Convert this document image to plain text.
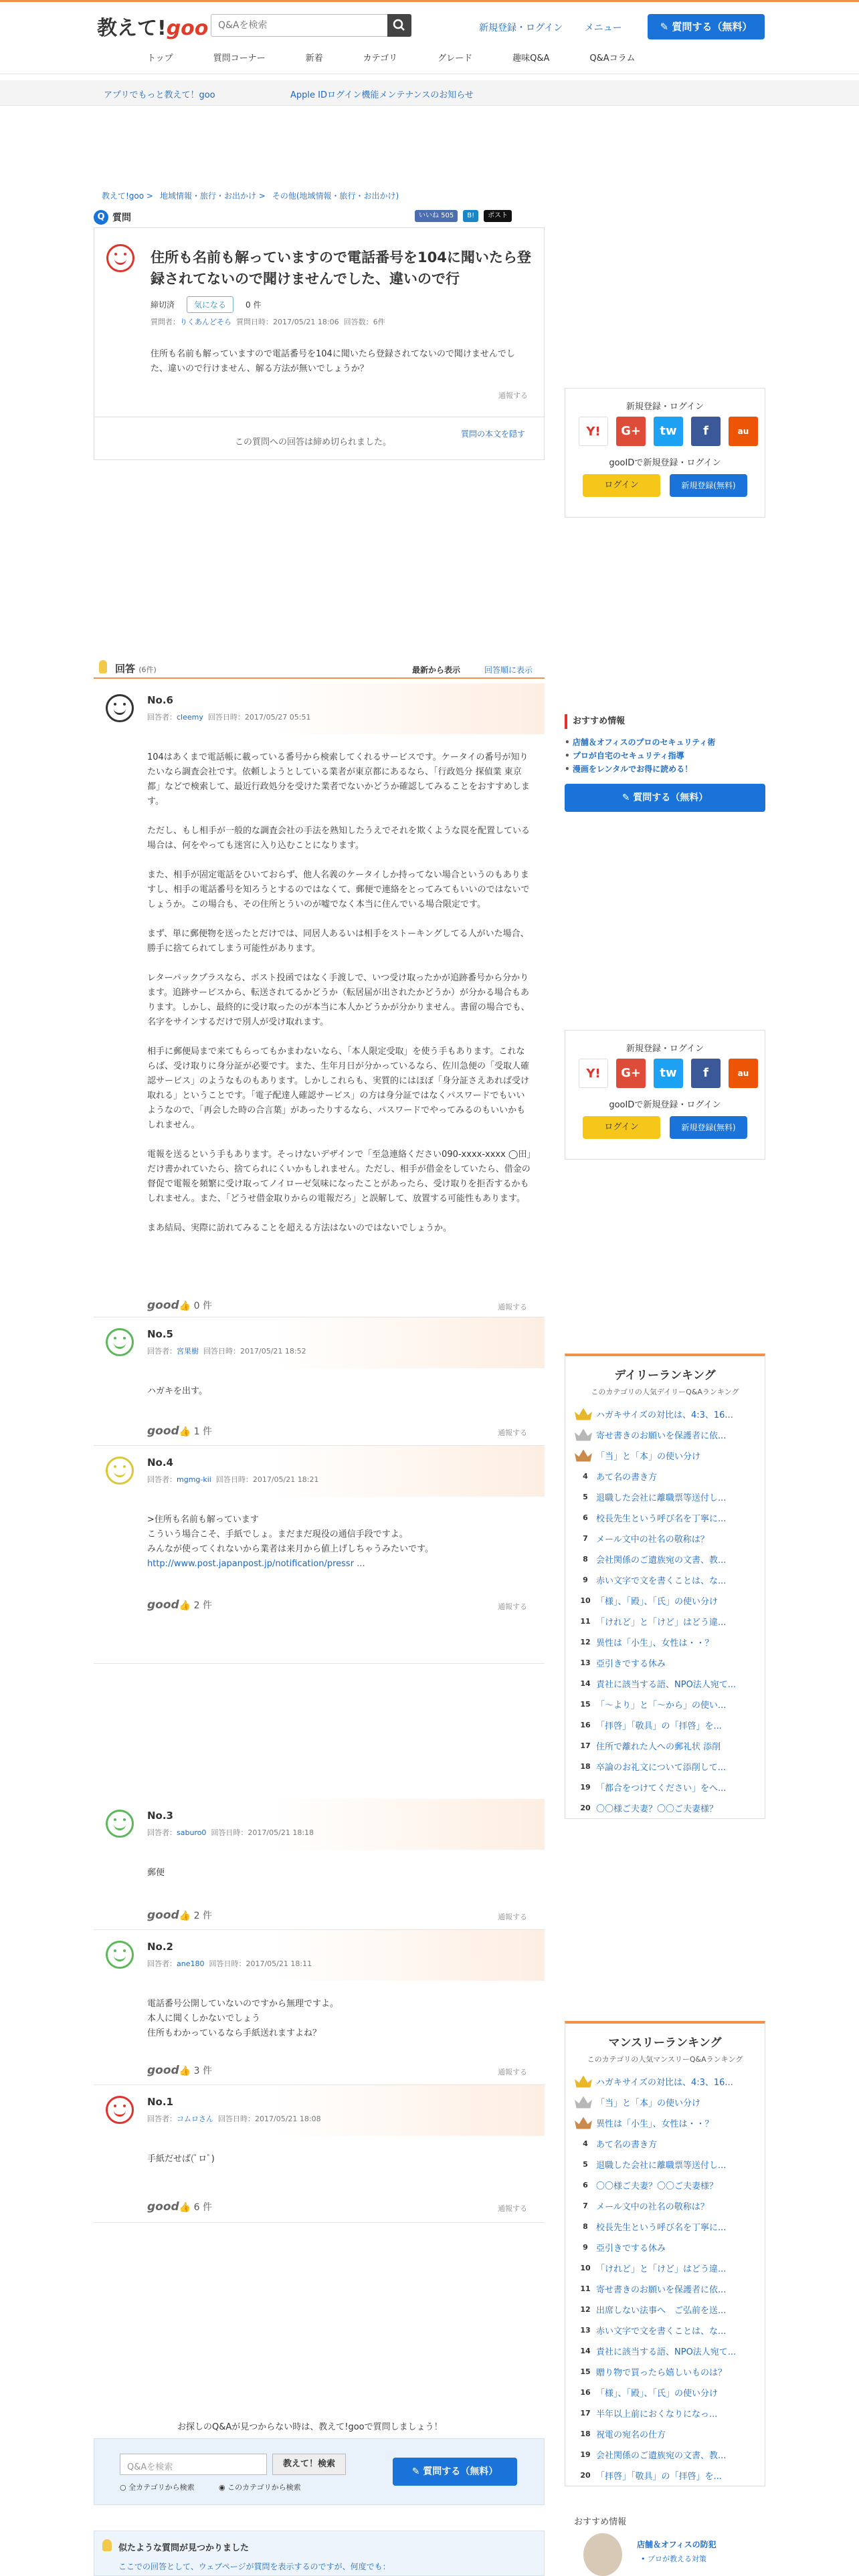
教えて!goo
Q&Aを検索	新規登録・ログイン メニュー	✎ 質問する（無料）
トップ	質問コーナー	新着	カテゴリ	グレード	趣味Q&A	Q&Aコラム
アプリでもっと教えて！goo	Apple IDログイン機能メンテナンスのお知らせ
教えて!goo > 地域情報・旅行・お出かけ > その他(地域情報・旅行・お出かけ)
Q 質問	いいね 505	B!	ポスト
住所も名前も解っていますので電話番号を104に聞いたら登録されてないので聞けませんでした、違いので行
締切済	気になる	0 件
質問者：りくあんどそら 質問日時：2017/05/21 18:06 回答数：6件
住所も名前も解っていますので電話番号を104に聞いたら登録されてないので聞けませんでした、違いので行けません、解る方法が無いでしょうか？
通報する
この質問への回答は締め切られました。
質問の本文を隠す
回答 (6件)	最新から表示	回答順に表示
No.6
回答者：cleemy 回答日時：2017/05/27 05:51
104はあくまで電話帳に載っている番号から検索してくれるサービスです。ケータイの番号が知りたいなら調査会社です。依頼しようとしている業者が東京都にあるなら、「行政処分 探偵業 東京都」などで検索して、最近行政処分を受けた業者でないかどうか確認してみることをおすすめします。

ただし、もし相手が一般的な調査会社の手法を熟知したうえでそれを欺くような罠を配置している場合は、何をやっても迷宮に入り込むことになります。

また、相手が固定電話をひいておらず、他人名義のケータイしか持ってない場合というのもありますし、相手の電話番号を知ろうとするのではなくて、郵便で連絡をとってみてもいいのではないでしょうか。この場合も、その住所とういのが嘘でなく本当に住んでいる場合限定です。

まず、単に郵便物を送ったとだけでは、同居人あるいは相手をストーキングしてる人がいた場合、勝手に捨てられてしまう可能性があります。

レターパックプラスなら、ポスト投函ではなく手渡しで、いつ受け取ったかが追跡番号から分かります。追跡サービスから、転送されてるかどうか（転居届が出されたかどうか）が分かる場合もあります。しかし、最終的に受け取ったのが本当に本人かどうかが分かりません。書留の場合でも、名字をサインするだけで別人が受け取れます。

相手に郵便局まで来てもらってもかまわないなら、「本人限定受取」を使う手もあります。これならば、受け取りに身分証が必要です。また、生年月日が分かっているなら、佐川急便の「受取人確認サービス」のようなものもあります。しかしこれらも、実質的にはほぼ「身分証さえあれば受け取れる」ということです。「電子配達人確認サービス」の方は身分証ではなくパスワードでもいいようなので、「再会した時の合言葉」があったりするなら、パスワードでやってみるのもいいかもしれません。

電報を送るという手もあります。そっけないデザインで「至急連絡ください090-xxxx-xxxx ◯田」だけ書かれていたら、捨てられにくいかもしれません。ただし、相手が借金をしていたら、借金の督促で電報を頻繁に受け取ってノイローゼ気味になったことがあったら、受け取りを拒否するかもしれません。また、「どうせ借金取りからの電報だろ」と誤解して、放置する可能性もあります。

まあ結局、実際に訪れてみることを超える方法はないのではないでしょうか。
good👍 0 件	通報する
No.5
回答者：宮果樹 回答日時：2017/05/21 18:52
ハガキを出す。
good👍 1 件	通報する
No.4
回答者：mgmg-kii 回答日時：2017/05/21 18:21
>住所も名前も解っています
こういう場合こそ、手紙でしょ。まだまだ現役の通信手段ですよ。
みんなが使ってくれないから業者は来月から値上げしちゃうみたいです。
http://www.post.japanpost.jp/notification/pressr ...
good👍 2 件	通報する
No.3
回答者：saburo0 回答日時：2017/05/21 18:18
郵便
good👍 2 件	通報する
No.2
回答者：ane180 回答日時：2017/05/21 18:11
電話番号公開していないのですから無理ですよ。
本人に聞くしかないでしょう
住所もわかっているなら手紙送れますよね？
good👍 3 件	通報する
No.1
回答者：コムロさん 回答日時：2017/05/21 18:08
手紙だせば(ﾟロﾟ)
good👍 6 件	通報する
お探しのQ&Aが見つからない時は、教えて!gooで質問しましょう！
Q&Aを検索	教えて！検索
○ 全カテゴリから検索	◉ このカテゴリから検索
✎ 質問する（無料）
似たような質問が見つかりました
ここでの回答として、ウェブページが質問を表示するのですが、何度でも：
新規登録・ログイン
Y!	G+	tw	f	au
gooIDで新規登録・ログイン
ログイン	新規登録(無料)
おすすめ情報
• 店舗＆オフィスのプロのセキュリティ術
• プロが自宅のセキュリティ指導
• 漫画をレンタルでお得に読める！
✎ 質問する（無料）
新規登録・ログイン
Y!	G+	tw	f	au
gooIDで新規登録・ログイン
ログイン	新規登録(無料)
デイリーランキング
このカテゴリの人気デイリーQ&Aランキング
ハガキサイズの対比は、4:3、16...
寄せ書きのお願いを保護者に依...
「当」と「本」の使い分け
4 あて名の書き方
5 退職した会社に離職票等送付し...
6 校長先生という呼び名を丁寧に...
7 メール文中の社名の敬称は？
8 会社関係のご遺族宛の文書、教...
9 赤い文字で文を書くことは、な...
10 「様」、「殿」、「氏」の使い分け
11 「けれど」と「けど」はどう違...
12 異性は「小生」、女性は・・？
13 亞引きでする休み
14 責社に該当する語、NPO法人宛て...
15 「～より」と「～から」の使い...
16 「拝啓」「敬具」の「拝啓」を...
17 住所で離れた人への郵礼状 添削
18 卒論のお礼文について添削して...
19 「都合をつけてください」をへ...
20 〇〇様ご夫妻？〇〇ご夫妻様？
マンスリーランキング
このカテゴリの人気マンスリーQ&Aランキング
ハガキサイズの対比は、4:3、16...
「当」と「本」の使い分け
異性は「小生」、女性は・・？
4 あて名の書き方
5 退職した会社に離職票等送付し...
6 〇〇様ご夫妻？〇〇ご夫妻様？
7 メール文中の社名の敬称は？
8 校長先生という呼び名を丁寧に...
9 亞引きでする休み
10 「けれど」と「けど」はどう違...
11 寄せ書きのお願いを保護者に依...
12 出席しない法事へ　ご弘前を送...
13 赤い文字で文を書くことは、な...
14 責社に該当する語、NPO法人宛て...
15 贈り物で買ったら嬉しいものは？
16 「様」、「殿」、「氏」の使い分け
17 半年以上前におくなりになっ...
18 祝電の宛名の仕方
19 会社関係のご遺族宛の文書、教...
20 「拝啓」「敬具」の「拝啓」を...
おすすめ情報
店舗＆オフィスの防犯
• プロが教える対策
